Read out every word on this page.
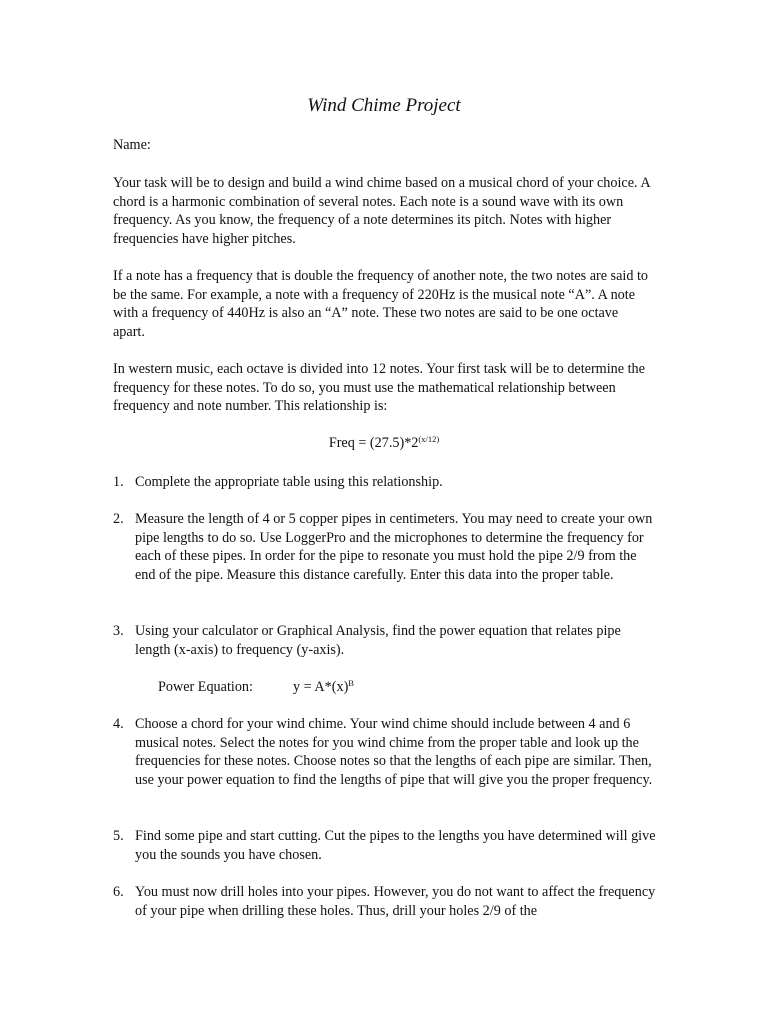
Wind Chime Project
Name:

Your task will be to design and build a wind chime based on a musical chord of your choice. A chord is a harmonic combination of several notes. Each note is a sound wave with its own frequency. As you know, the frequency of a note determines its pitch. Notes with higher frequencies have higher pitches.

If a note has a frequency that is double the frequency of another note, the two notes are said to be the same. For example, a note with a frequency of 220Hz is the musical note “A”. A note with a frequency of 440Hz is also an “A” note. These two notes are said to be one octave apart.

In western music, each octave is divided into 12 notes. Your first task will be to determine the frequency for these notes. To do so, you must use the mathematical relationship between frequency and note number. This relationship is:

Freq = $(27.5)*2^{(x/12)}$
1. Complete the appropriate table using this relationship.
2. Measure the length of 4 or 5 copper pipes in centimeters. You may need to create your own pipe lengths to do so. Use LoggerPro and the microphones to determine the frequency for each of these pipes. In order for the pipe to resonate you must hold the pipe 2/9 from the end of the pipe. Measure this distance carefully. Enter this data into the proper table.
3. Using your calculator or Graphical Analysis, find the power equation that relates pipe length (x-axis) to frequency (y-axis).
Power Equation:	$y = A*(x)^B$
4. Choose a chord for your wind chime. Your wind chime should include between 4 and 6 musical notes. Select the notes for you wind chime from the proper table and look up the frequencies for these notes. Choose notes so that the lengths of each pipe are similar. Then, use your power equation to find the lengths of pipe that will give you the proper frequency.
5. Find some pipe and start cutting. Cut the pipes to the lengths you have determined will give you the sounds you have chosen.
6. You must now drill holes into your pipes. However, you do not want to affect the frequency of your pipe when drilling these holes. Thus, drill your holes 2/9 of the
